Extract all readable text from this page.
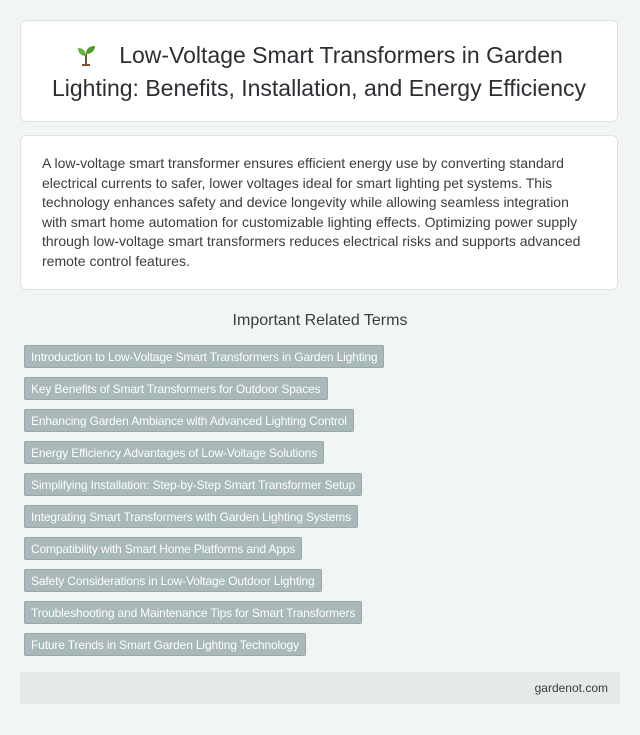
Low-Voltage Smart Transformers in Garden Lighting: Benefits, Installation, and Energy Efficiency

A low-voltage smart transformer ensures efficient energy use by converting standard electrical currents to safer, lower voltages ideal for smart lighting pet systems. This technology enhances safety and device longevity while allowing seamless integration with smart home automation for customizable lighting effects. Optimizing power supply through low-voltage smart transformers reduces electrical risks and supports advanced remote control features.

Important Related Terms
Introduction to Low-Voltage Smart Transformers in Garden Lighting
Key Benefits of Smart Transformers for Outdoor Spaces
Enhancing Garden Ambiance with Advanced Lighting Control
Energy Efficiency Advantages of Low-Voltage Solutions
Simplifying Installation: Step-by-Step Smart Transformer Setup
Integrating Smart Transformers with Garden Lighting Systems
Compatibility with Smart Home Platforms and Apps
Safety Considerations in Low-Voltage Outdoor Lighting
Troubleshooting and Maintenance Tips for Smart Transformers
Future Trends in Smart Garden Lighting Technology
gardenot.com
